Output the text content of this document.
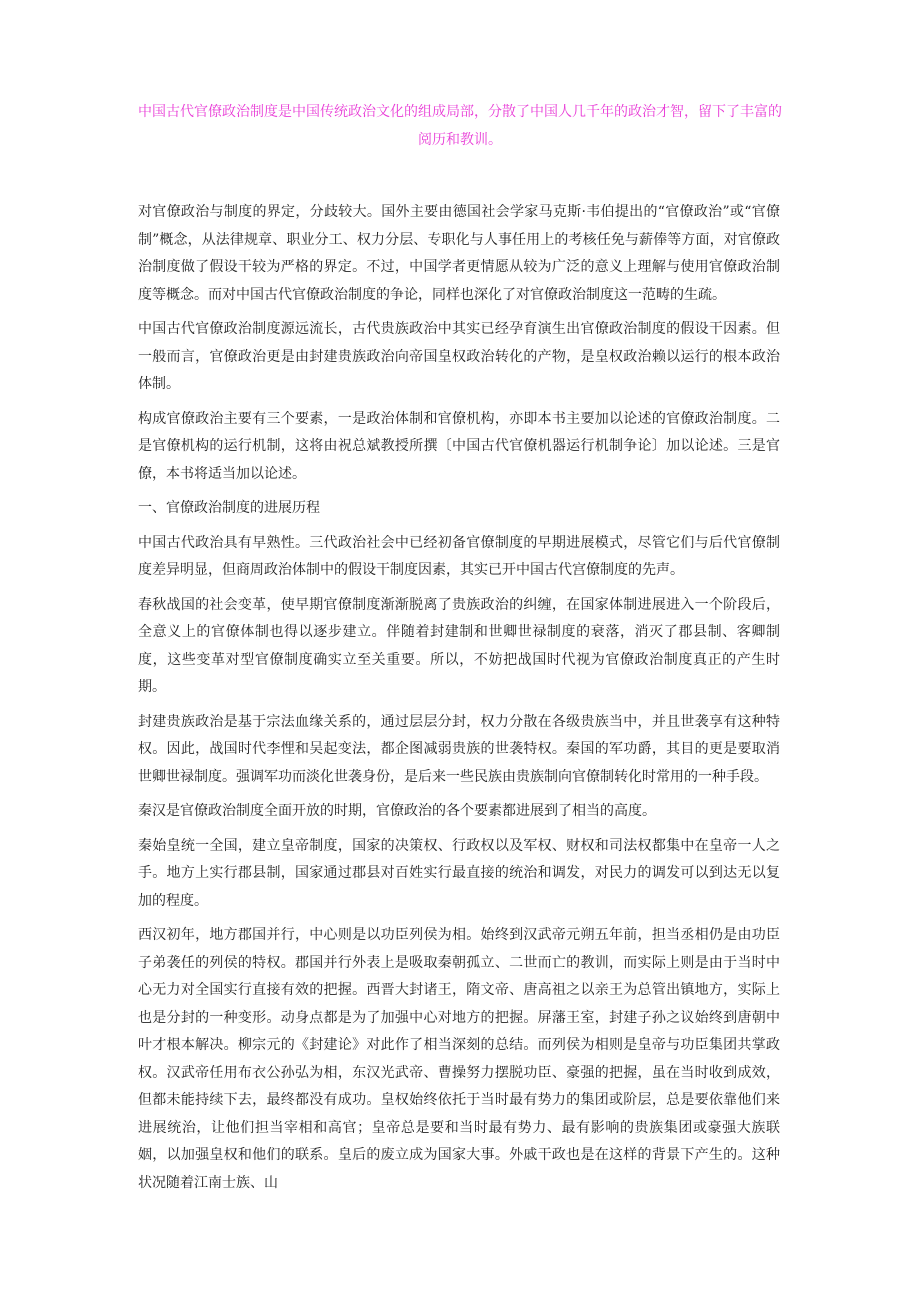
中国古代官僚政治制度是中国传统政治文化的组成局部，分散了中国人几千年的政治才智，留下了丰富的阅历和教训。

对官僚政治与制度的界定，分歧较大。国外主要由德国社会学家马克斯·韦伯提出的“官僚政治”或“官僚制”概念，从法律规章、职业分工、权力分层、专职化与人事任用上的考核任免与薪俸等方面，对官僚政治制度做了假设干较为严格的界定。不过，中国学者更情愿从较为广泛的意义上理解与使用官僚政治制度等概念。而对中国古代官僚政治制度的争论，同样也深化了对官僚政治制度这一范畴的生疏。

中国古代官僚政治制度源远流长，古代贵族政治中其实已经孕育演生出官僚政治制度的假设干因素。但一般而言，官僚政治更是由封建贵族政治向帝国皇权政治转化的产物，是皇权政治赖以运行的根本政治体制。

构成官僚政治主要有三个要素，一是政治体制和官僚机构，亦即本书主要加以论述的官僚政治制度。二是官僚机构的运行机制，这将由祝总斌教授所撰〔中国古代官僚机器运行机制争论〕加以论述。三是官僚，本书将适当加以论述。

一、官僚政治制度的进展历程

中国古代政治具有早熟性。三代政治社会中已经初备官僚制度的早期进展模式，尽管它们与后代官僚制度差异明显，但商周政治体制中的假设干制度因素，其实已开中国古代宫僚制度的先声。

春秋战国的社会变革，使早期官僚制度渐渐脱离了贵族政治的纠缠，在国家体制进展进入一个阶段后，全意义上的官僚体制也得以逐步建立。伴随着封建制和世卿世禄制度的衰落，消灭了郡县制、客卿制 度，这些变革对型官僚制度确实立至关重要。所以，不妨把战国时代视为官僚政治制度真正的产生时 期。

封建贵族政治是基于宗法血缘关系的，通过层层分封，权力分散在各级贵族当中，并且世袭享有这种特权。因此，战国时代李悝和吴起变法，都企图减弱贵族的世袭特权。秦国的军功爵，其目的更是要取消世卿世禄制度。强调军功而淡化世袭身份，是后来一些民族由贵族制向官僚制转化时常用的一种手段。

秦汉是官僚政治制度全面开放的时期，官僚政治的各个要素都进展到了相当的高度。

秦始皇统一全国，建立皇帝制度，国家的决策权、行政权以及军权、财权和司法权都集中在皇帝一人之手。地方上实行郡县制，国家通过郡县对百姓实行最直接的统治和调发，对民力的调发可以到达无以复加的程度。

西汉初年，地方郡国并行，中心则是以功臣列侯为相。始终到汉武帝元朔五年前，担当丞相仍是由功臣子弟袭任的列侯的特权。郡国并行外表上是吸取秦朝孤立、二世而亡的教训，而实际上则是由于当时中心无力对全国实行直接有效的把握。西晋大封诸王，隋文帝、唐高祖之以亲王为总管出镇地方，实际上也是分封的一种变形。动身点都是为了加强中心对地方的把握。屏藩王室，封建子孙之议始终到唐朝中叶才根本解决。柳宗元的《封建论》对此作了相当深刻的总结。而列侯为相则是皇帝与功臣集团共掌政权。汉武帝任用布衣公孙弘为相，东汉光武帝、曹操努力摆脱功臣、豪强的把握，虽在当时收到成效，但都未能持续下去，最终都没有成功。皇权始终依托于当时最有势力的集团或阶层，总是要依靠他们来进展统治，让他们担当宰相和高官；皇帝总是要和当时最有势力、最有影响的贵族集团或豪强大族联姻，以加强皇权和他们的联系。皇后的废立成为国家大事。外戚干政也是在这样的背景下产生的。这种状况随着江南士族、山
